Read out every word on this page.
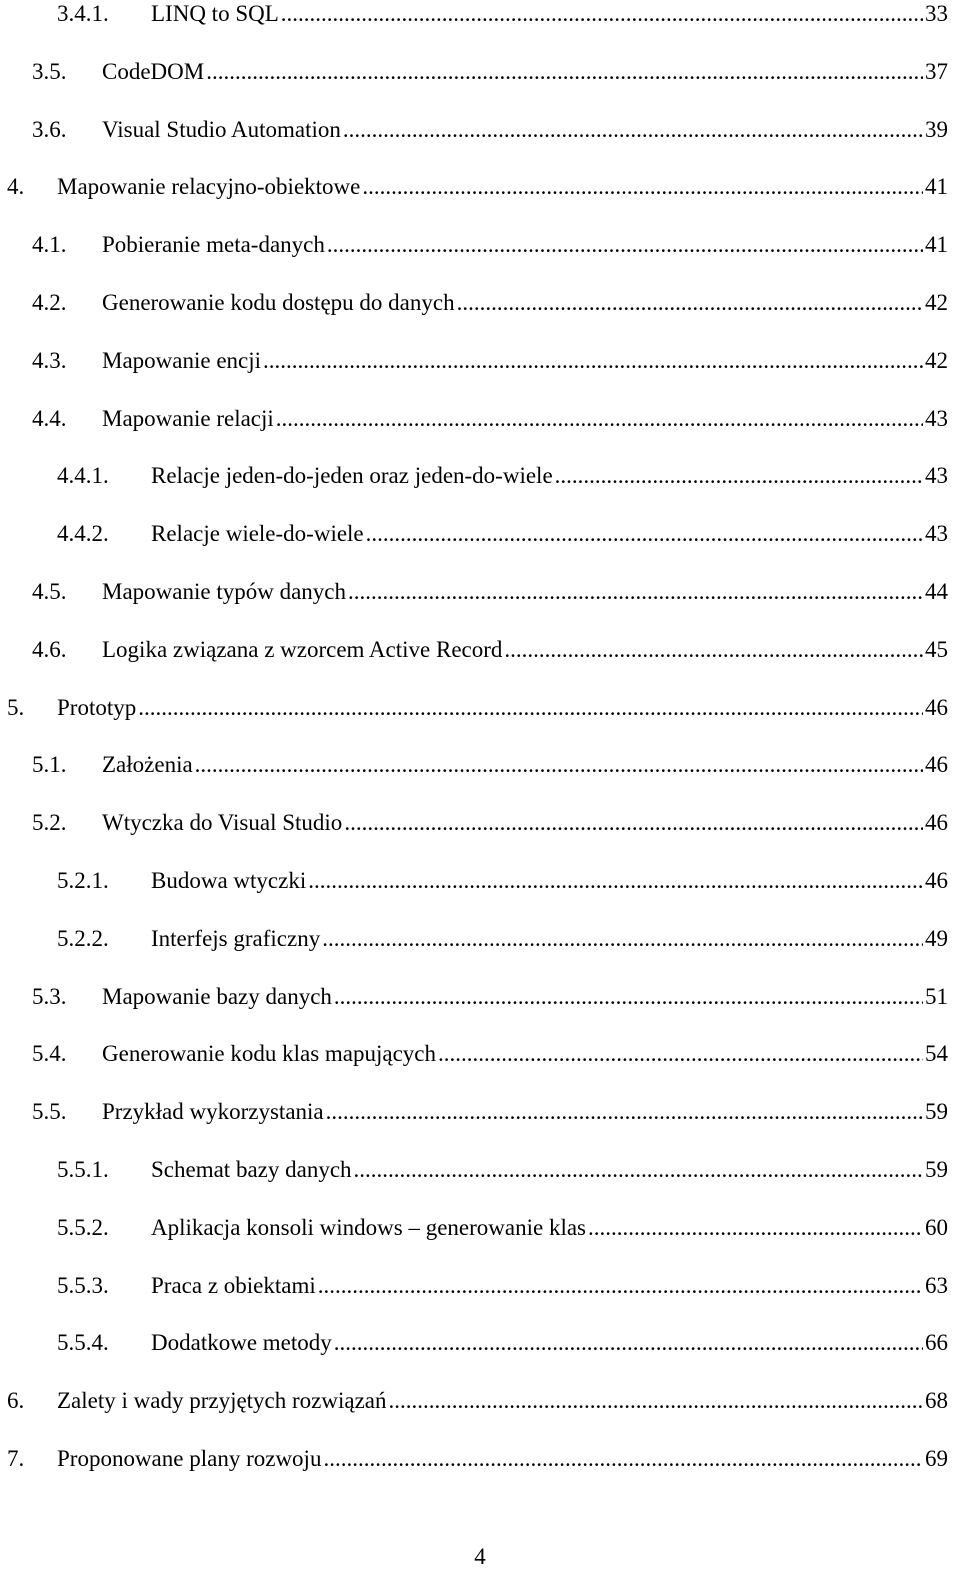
3.4.1. LINQ to SQL .....	33
3.5. CodeDOM .....	37
3.6. Visual Studio Automation .....	39
4. Mapowanie relacyjno-obiektowe .....	41
4.1. Pobieranie meta-danych .....	41
4.2. Generowanie kodu dostępu do danych .....	42
4.3. Mapowanie encji .....	42
4.4. Mapowanie relacji .....	43
4.4.1. Relacje jeden-do-jeden oraz jeden-do-wiele .....	43
4.4.2. Relacje wiele-do-wiele .....	43
4.5. Mapowanie typów danych .....	44
4.6. Logika związana z wzorcem Active Record .....	45
5. Prototyp .....	46
5.1. Założenia .....	46
5.2. Wtyczka do Visual Studio .....	46
5.2.1. Budowa wtyczki .....	46
5.2.2. Interfejs graficzny .....	49
5.3. Mapowanie bazy danych .....	51
5.4. Generowanie kodu klas mapujących .....	54
5.5. Przykład wykorzystania .....	59
5.5.1. Schemat bazy danych .....	59
5.5.2. Aplikacja konsoli windows – generowanie klas .....	60
5.5.3. Praca z obiektami .....	63
5.5.4. Dodatkowe metody .....	66
6. Zalety i wady przyjętych rozwiązań .....	68
7. Proponowane plany rozwoju .....	69
4
